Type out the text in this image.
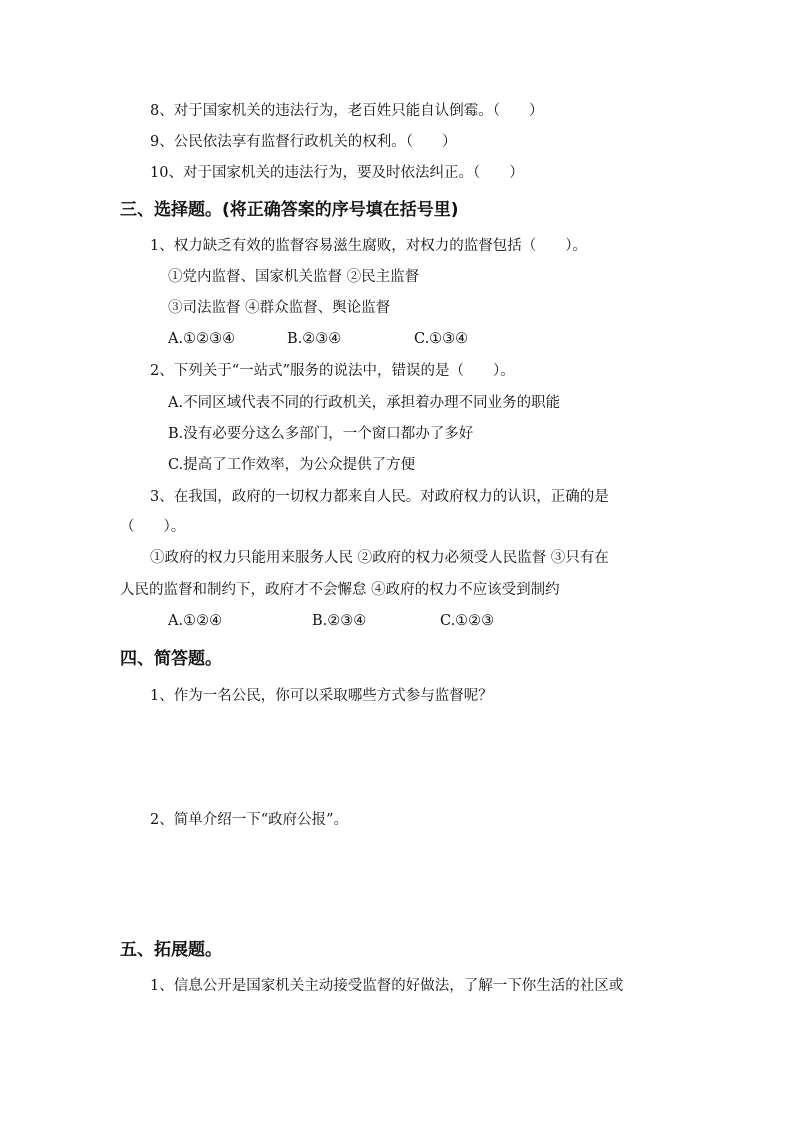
8、对于国家机关的违法行为，老百姓只能自认倒霉。（　　）
9、公民依法享有监督行政机关的权利。（　　）
10、对于国家机关的违法行为，要及时依法纠正。（　　）
三、选择题。(将正确答案的序号填在括号里)
1、权力缺乏有效的监督容易滋生腐败，对权力的监督包括（　　）。
①党内监督、国家机关监督 ②民主监督
③司法监督 ④群众监督、舆论监督
A.①②③④	B.②③④	C.①③④
2、下列关于“一站式”服务的说法中，错误的是（　　）。
A.不同区域代表不同的行政机关，承担着办理不同业务的职能
B.没有必要分这么多部门，一个窗口都办了多好
C.提高了工作效率，为公众提供了方便
3、在我国，政府的一切权力都来自人民。对政府权力的认识，正确的是
（　　）。
①政府的权力只能用来服务人民 ②政府的权力必须受人民监督 ③只有在
人民的监督和制约下，政府才不会懈怠 ④政府的权力不应该受到制约
A.①②④	B.②③④	C.①②③
四、简答题。
1、作为一名公民，你可以采取哪些方式参与监督呢？
2、简单介绍一下“政府公报”。
五、拓展题。
1、信息公开是国家机关主动接受监督的好做法，了解一下你生活的社区或
